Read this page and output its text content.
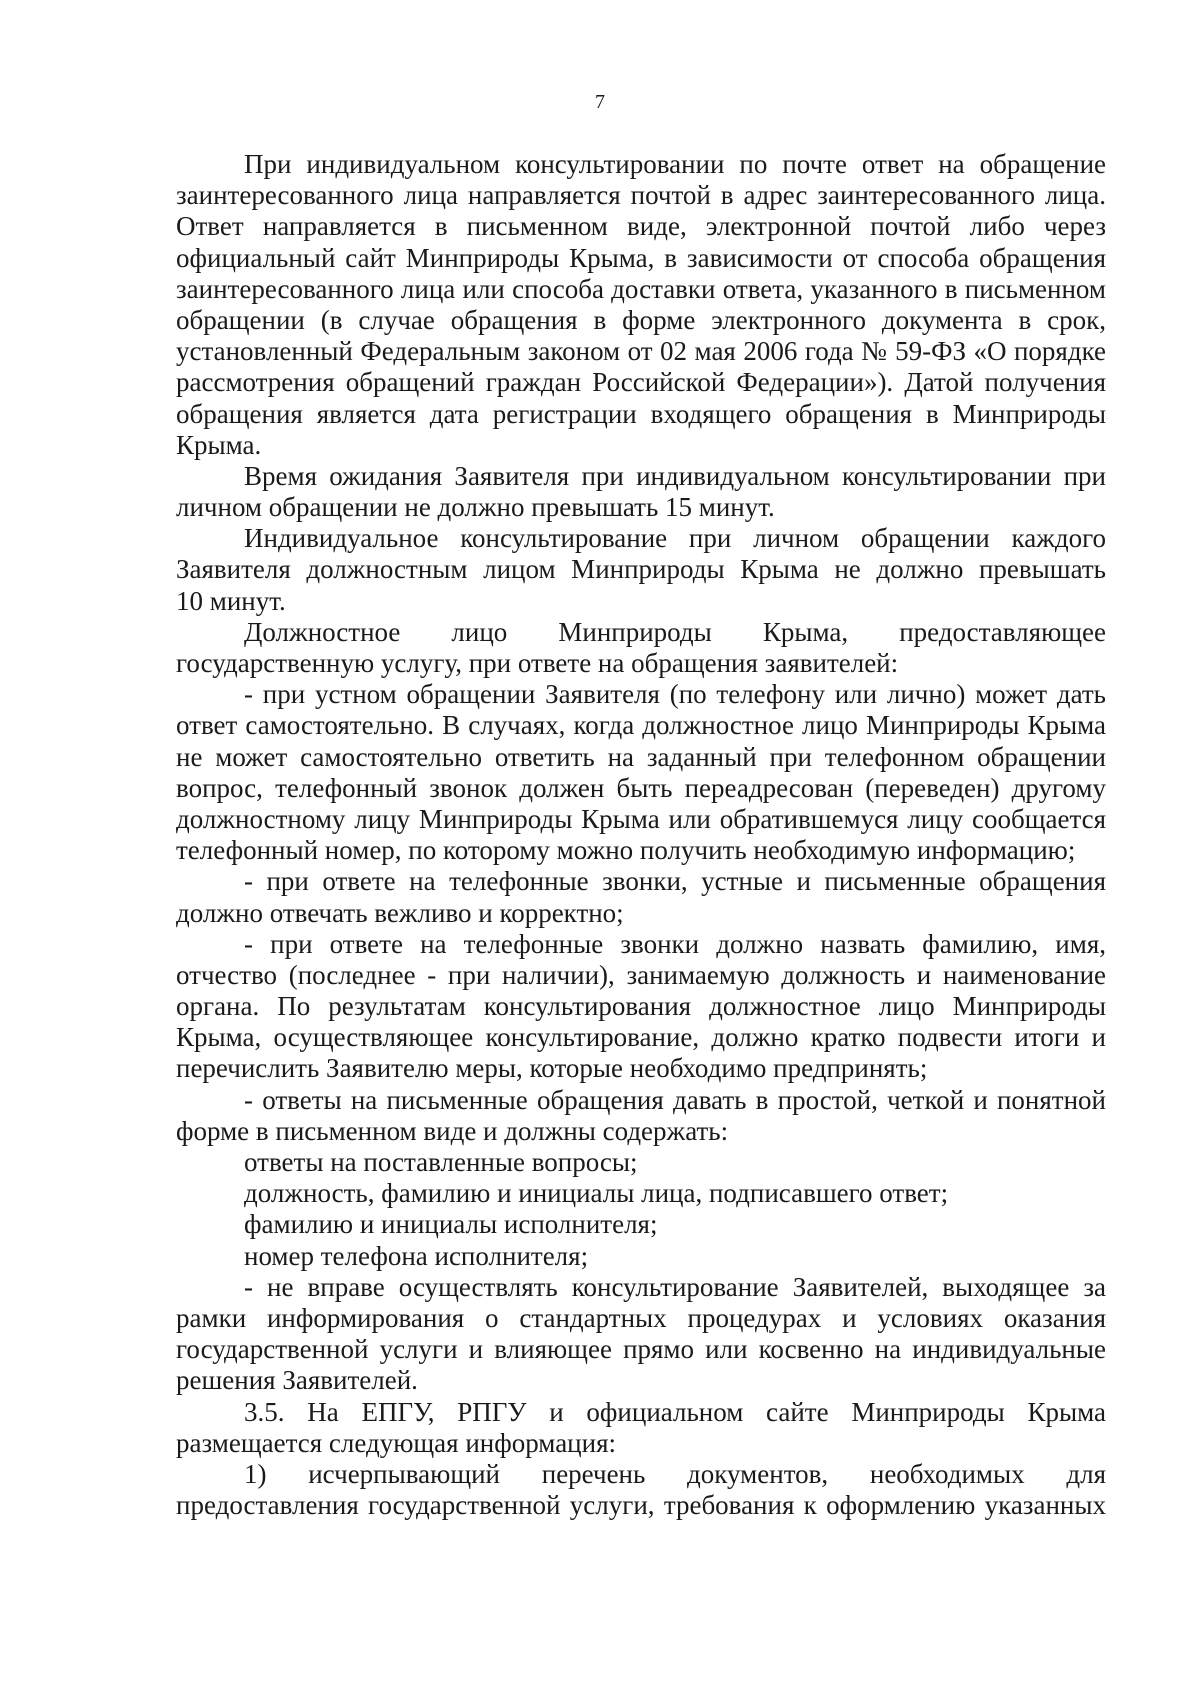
7
При индивидуальном консультировании по почте ответ на обращение
заинтересованного лица направляется почтой в адрес заинтересованного лица.
Ответ направляется в письменном виде, электронной почтой либо через
официальный сайт Минприроды Крыма, в зависимости от способа обращения
заинтересованного лица или способа доставки ответа, указанного в письменном
обращении (в случае обращения в форме электронного документа в срок,
установленный Федеральным законом от 02 мая 2006 года № 59-ФЗ «О порядке
рассмотрения обращений граждан Российской Федерации»). Датой получения
обращения является дата регистрации входящего обращения в Минприроды
Крыма.
Время ожидания Заявителя при индивидуальном консультировании при
личном обращении не должно превышать 15 минут.
Индивидуальное консультирование при личном обращении каждого
Заявителя должностным лицом Минприроды Крыма не должно превышать
10 минут.
Должностное лицо Минприроды Крыма, предоставляющее
государственную услугу, при ответе на обращения заявителей:
- при устном обращении Заявителя (по телефону или лично) может дать
ответ самостоятельно. В случаях, когда должностное лицо Минприроды Крыма
не может самостоятельно ответить на заданный при телефонном обращении
вопрос, телефонный звонок должен быть переадресован (переведен) другому
должностному лицу Минприроды Крыма или обратившемуся лицу сообщается
телефонный номер, по которому можно получить необходимую информацию;
- при ответе на телефонные звонки, устные и письменные обращения
должно отвечать вежливо и корректно;
- при ответе на телефонные звонки должно назвать фамилию, имя,
отчество (последнее - при наличии), занимаемую должность и наименование
органа. По результатам консультирования должностное лицо Минприроды
Крыма, осуществляющее консультирование, должно кратко подвести итоги и
перечислить Заявителю меры, которые необходимо предпринять;
- ответы на письменные обращения давать в простой, четкой и понятной
форме в письменном виде и должны содержать:
ответы на поставленные вопросы;
должность, фамилию и инициалы лица, подписавшего ответ;
фамилию и инициалы исполнителя;
номер телефона исполнителя;
- не вправе осуществлять консультирование Заявителей, выходящее за
рамки информирования о стандартных процедурах и условиях оказания
государственной услуги и влияющее прямо или косвенно на индивидуальные
решения Заявителей.
3.5. На ЕПГУ, РПГУ и официальном сайте Минприроды Крыма
размещается следующая информация:
1) исчерпывающий перечень документов, необходимых для
предоставления государственной услуги, требования к оформлению указанных
